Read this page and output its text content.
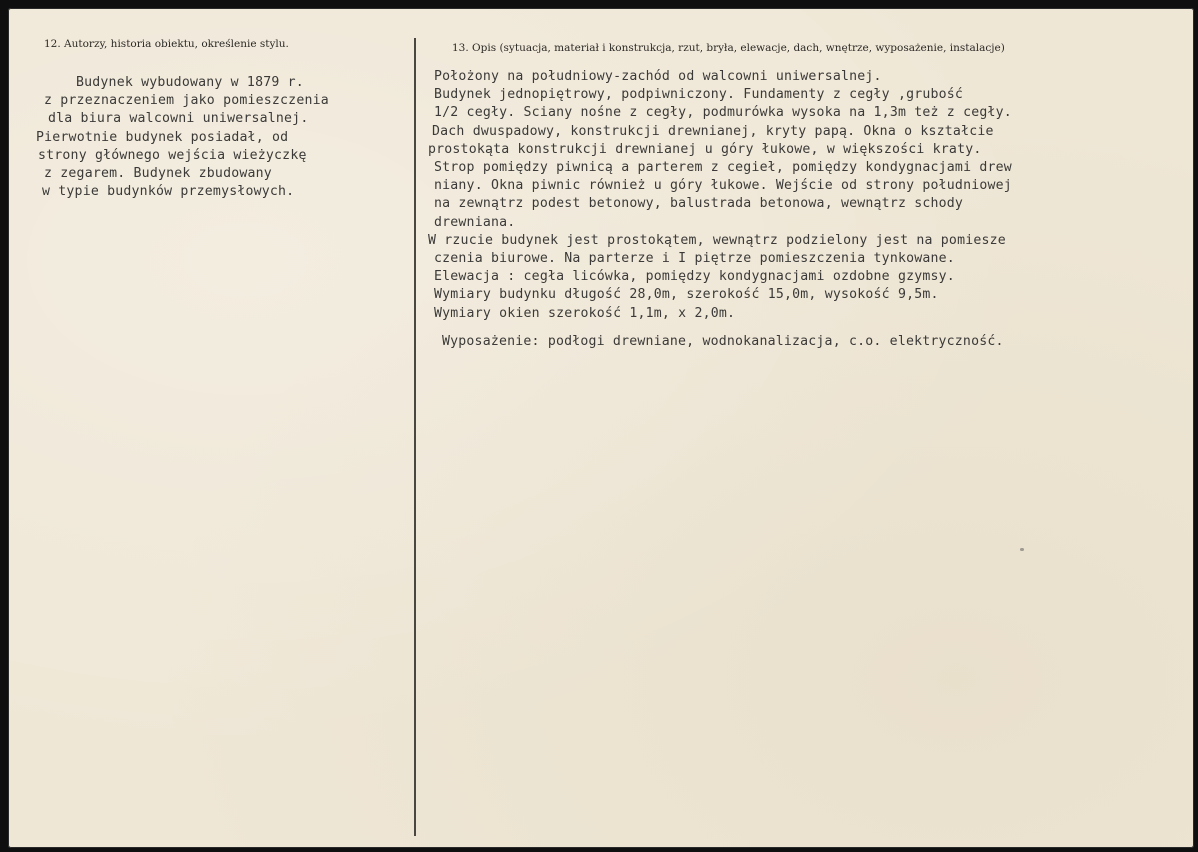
12. Autorzy, historia obiektu, określenie stylu.	13. Opis (sytuacja, materiał i konstrukcja, rzut, bryła, elewacje, dach, wnętrze, wyposażenie, instalacje)
Budynek wybudowany w 1879 r.
z przeznaczeniem jako pomieszczenia
dla biura walcowni uniwersalnej.
Pierwotnie budynek posiadał, od
strony głównego wejścia wieżyczkę
z zegarem. Budynek zbudowany
w typie budynków przemysłowych.
Położony na południowy-zachód od walcowni uniwersalnej.
Budynek jednopiętrowy, podpiwniczony. Fundamenty z cegły ,grubość
1/2 cegły. Sciany nośne z cegły, podmurówka wysoka na 1,3m też z cegły.
Dach dwuspadowy, konstrukcji drewnianej, kryty papą. Okna o kształcie
prostokąta konstrukcji drewnianej u góry łukowe, w większości kraty.
Strop pomiędzy piwnicą a parterem z cegieł, pomiędzy kondygnacjami drew
niany. Okna piwnic również u góry łukowe. Wejście od strony południowej
na zewnątrz podest betonowy, balustrada betonowa, wewnątrz schody
drewniana.
W rzucie budynek jest prostokątem, wewnątrz podzielony jest na pomiesze
czenia biurowe. Na parterze i I piętrze pomieszczenia tynkowane.
Elewacja : cegła licówka, pomiędzy kondygnacjami ozdobne gzymsy.
Wymiary budynku długość 28,0m, szerokość 15,0m, wysokość 9,5m.
Wymiary okien szerokość 1,1m, x 2,0m.
Wyposażenie: podłogi drewniane, wodnokanalizacja, c.o. elektryczność.
